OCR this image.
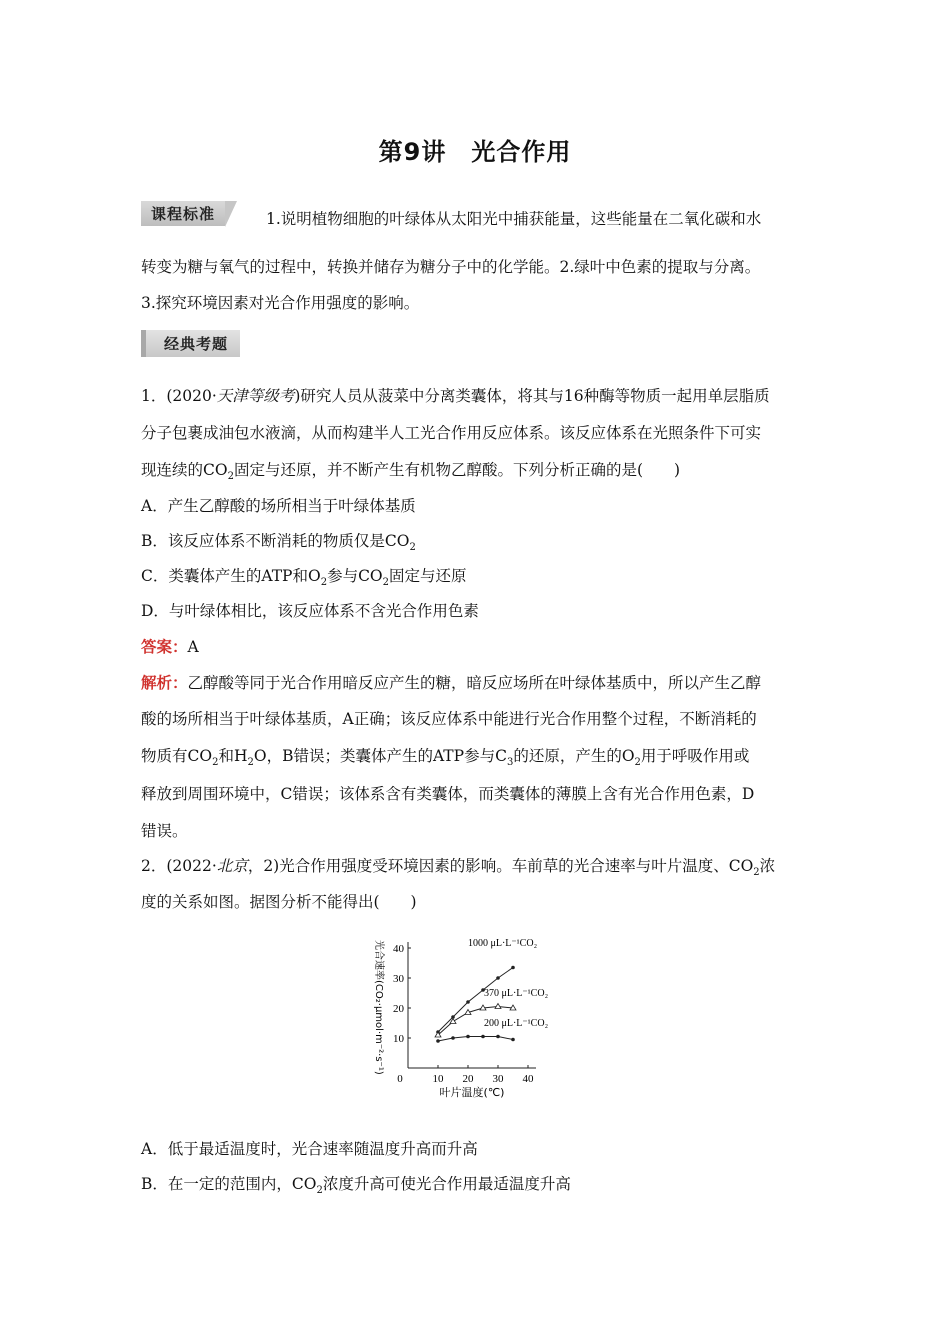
第9讲　光合作用
课程标准	1.说明植物细胞的叶绿体从太阳光中捕获能量，这些能量在二氧化碳和水
转变为糖与氧气的过程中，转换并储存为糖分子中的化学能。2.绿叶中色素的提取与分离。
3.探究环境因素对光合作用强度的影响。
经典考题
1．(2020·天津等级考)研究人员从菠菜中分离类囊体，将其与16种酶等物质一起用单层脂质
分子包裹成油包水液滴，从而构建半人工光合作用反应体系。该反应体系在光照条件下可实
现连续的$CO_2$固定与还原，并不断产生有机物乙醇酸。下列分析正确的是(　　)
A．产生乙醇酸的场所相当于叶绿体基质
B．该反应体系不断消耗的物质仅是$CO_2$
C．类囊体产生的ATP和$O_2$参与$CO_2$固定与还原
D．与叶绿体相比，该反应体系不含光合作用色素
答案：A
解析：乙醇酸等同于光合作用暗反应产生的糖，暗反应场所在叶绿体基质中，所以产生乙醇
酸的场所相当于叶绿体基质，A正确；该反应体系中能进行光合作用整个过程，不断消耗的
物质有$CO_2$和$H_2O$，B错误；类囊体产生的ATP参与$C_3$的还原，产生的$O_2$用于呼吸作用或
释放到周围环境中，C错误；该体系含有类囊体，而类囊体的薄膜上含有光合作用色素，D
错误。
2．(2022·北京，2)光合作用强度受环境因素的影响。车前草的光合速率与叶片温度、$CO_2$浓
度的关系如图。据图分析不能得出(　　)
0	10 20 30 40
10
20
30
40
叶片温度(℃)
光合速率(CO₂·μmol·m⁻²·s⁻¹)	1000 μL·L⁻¹CO₂
370 μL·L⁻¹CO₂
200 μL·L⁻¹CO₂
A．低于最适温度时，光合速率随温度升高而升高
B．在一定的范围内，$CO_2$浓度升高可使光合作用最适温度升高
